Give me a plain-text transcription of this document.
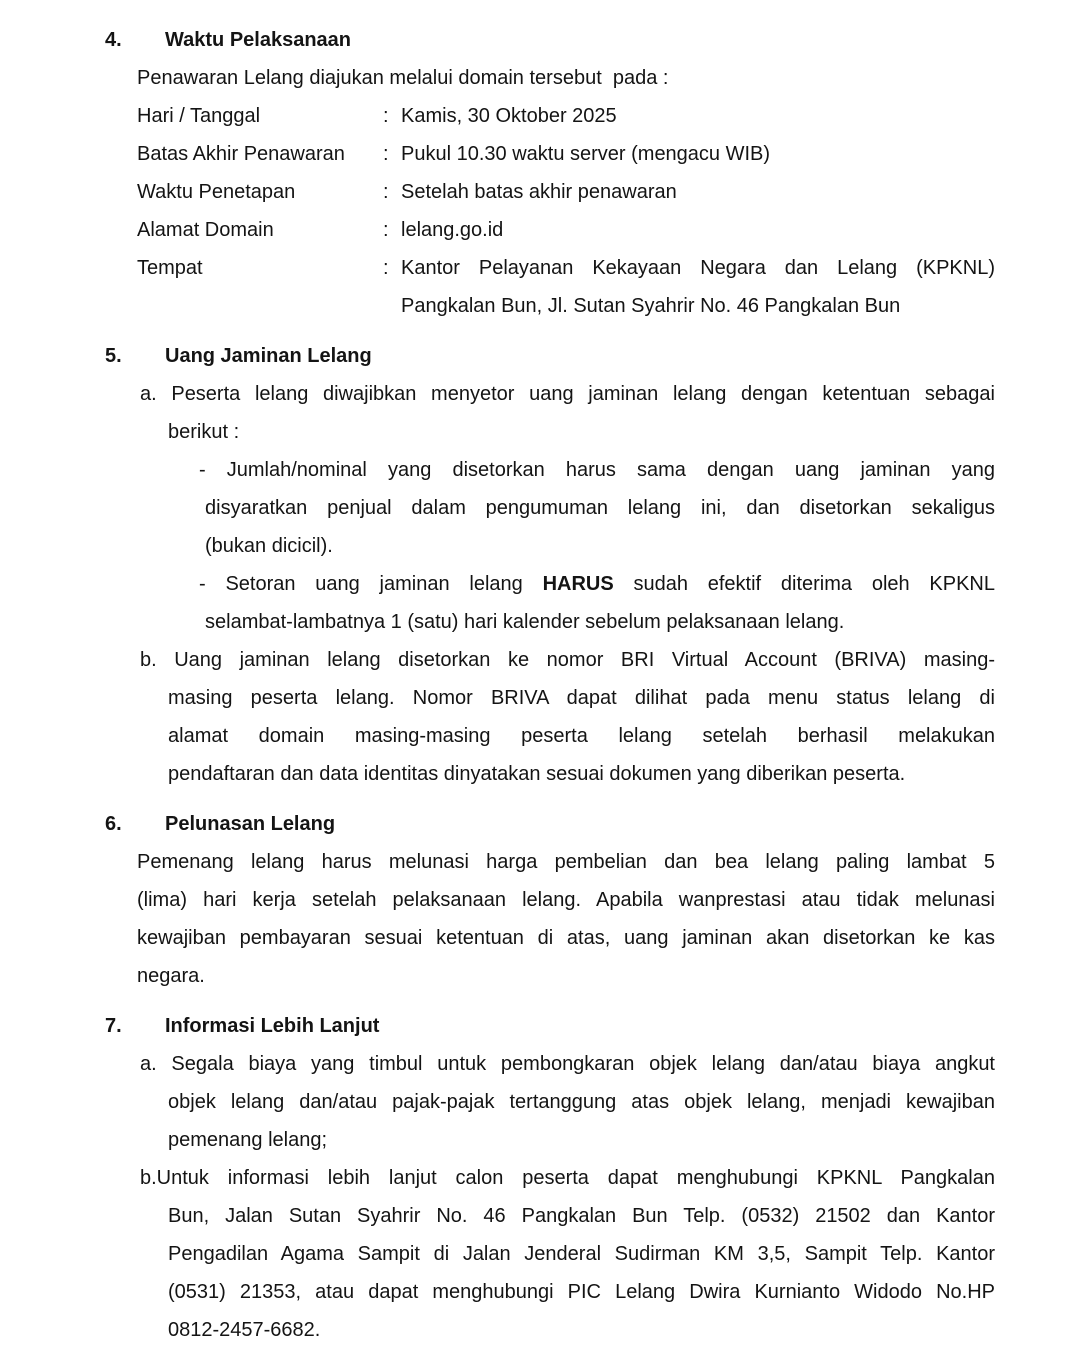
4.	Waktu Pelaksanaan
Penawaran Lelang diajukan melalui domain tersebut  pada :
Hari / Tanggal	: Kamis, 30 Oktober 2025
Batas Akhir Penawaran	: Pukul 10.30 waktu server (mengacu WIB)
Waktu Penetapan	: Setelah batas akhir penawaran
Alamat Domain	: lelang.go.id
Tempat	: Kantor Pelayanan Kekayaan Negara dan Lelang (KPKNL)
Pangkalan Bun, Jl. Sutan Syahrir No. 46 Pangkalan Bun
5.	Uang Jaminan Lelang
a. Peserta lelang diwajibkan menyetor uang jaminan lelang dengan ketentuan sebagai
berikut :
- Jumlah/nominal yang disetorkan harus sama dengan uang jaminan yang
disyaratkan penjual dalam pengumuman lelang ini, dan disetorkan sekaligus
(bukan dicicil).
- Setoran uang jaminan lelang HARUS sudah efektif diterima oleh KPKNL
selambat-lambatnya 1 (satu) hari kalender sebelum pelaksanaan lelang.
b. Uang jaminan lelang disetorkan ke nomor BRI Virtual Account (BRIVA) masing-
masing peserta lelang. Nomor BRIVA dapat dilihat pada menu status lelang di
alamat domain masing-masing peserta lelang setelah berhasil melakukan
pendaftaran dan data identitas dinyatakan sesuai dokumen yang diberikan peserta.
6.	Pelunasan Lelang
Pemenang lelang harus melunasi harga pembelian dan bea lelang paling lambat 5
(lima) hari kerja setelah pelaksanaan lelang. Apabila wanprestasi atau tidak melunasi
kewajiban pembayaran sesuai ketentuan di atas, uang jaminan akan disetorkan ke kas
negara.
7.	Informasi Lebih Lanjut
a. Segala biaya yang timbul untuk pembongkaran objek lelang dan/atau biaya angkut
objek lelang dan/atau pajak-pajak tertanggung atas objek lelang, menjadi kewajiban
pemenang lelang;
b.Untuk informasi lebih lanjut calon peserta dapat menghubungi KPKNL Pangkalan
Bun, Jalan Sutan Syahrir No. 46 Pangkalan Bun Telp. (0532) 21502 dan Kantor
Pengadilan Agama Sampit di Jalan Jenderal Sudirman KM 3,5, Sampit Telp. Kantor
(0531) 21353, atau dapat menghubungi PIC Lelang Dwira Kurnianto Widodo No.HP
0812-2457-6682.
